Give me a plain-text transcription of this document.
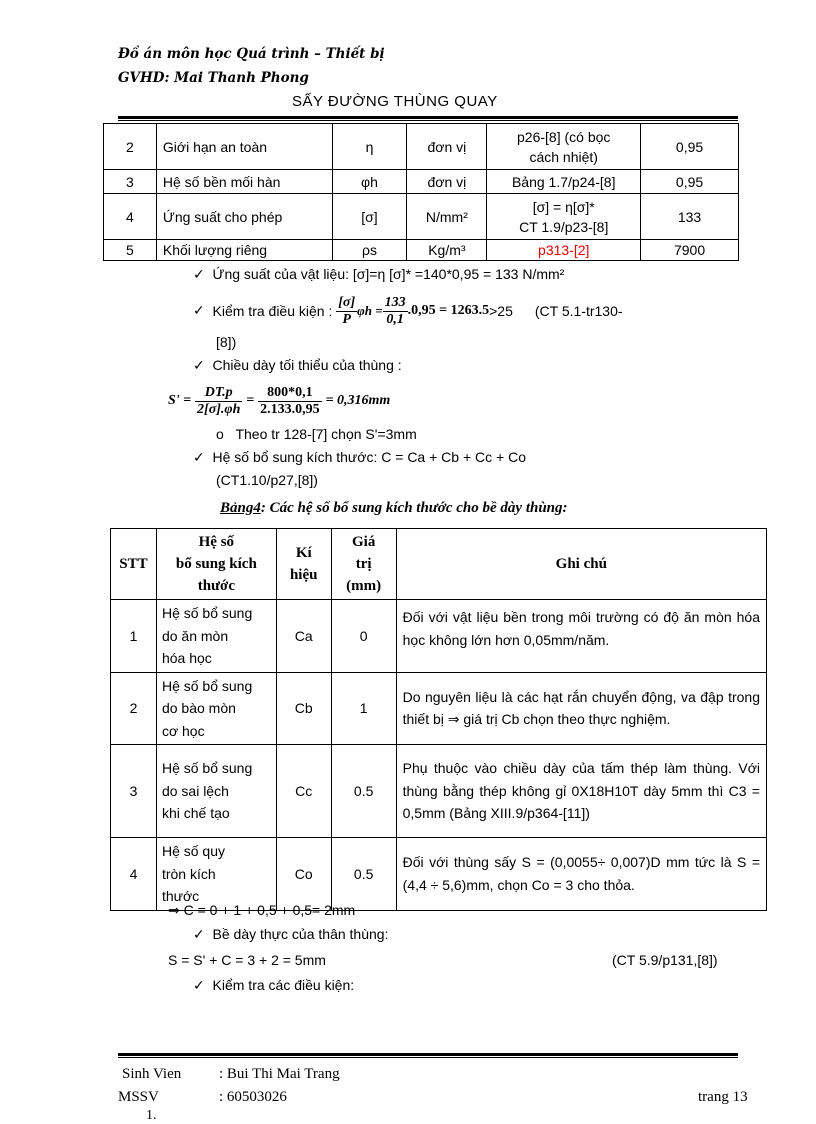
Đồ án môn học Quá trình – Thiết bị
GVHD: Mai Thanh Phong
SẤY ĐƯỜNG THÙNG QUAY
2	Giới hạn an toàn	η	đơn vị	p26-[8] (có bọc
cách nhiệt)	0,95
3	Hệ số bền mối hàn	φh	đơn vị	Bảng 1.7/p24-[8]	0,95
4	Ứng suất cho phép	[σ]	N/mm²	[σ] = η[σ]*
CT 1.9/p23-[8]	133
5	Khối lượng riêng	ρs	Kg/m³	p313-[2]	7900
✓ Ứng suất của vật liệu: [σ]=η [σ]* =140*0,95 = 133 N/mm²
✓
Kiểm tra điều kiện :
$\frac{[\sigma]}{P}$ $\varphi h = \frac{133}{0,1} .0,95 = 1263.5 >25$ (CT 5.1-tr130-
[8])
✓ Chiều dày tối thiểu của thùng :
S' =
$\frac{DT.p}{2[\sigma].\varphi h}$
=
$\frac{800*0,1}{2.133.0,95}$
= 0,316mm
o Theo tr 128-[7] chọn S'=3mm
✓ Hệ số bổ sung kích thước: C = Ca + Cb + Cc + Co
(CT1.10/p27,[8])
Bảng4: Các hệ số bổ sung kích thước cho bề dày thùng:
STT	Hệ số
bổ sung kích
thước	Kí
hiệu	Giá
trị
(mm)	Ghi chú
1	Hệ số bổ sung
do ăn mòn
hóa học	Ca	0	Đối với vật liệu bền trong môi trường có độ ăn mòn hóa học không lớn hơn 0,05mm/năm.
2	Hệ số bổ sung
do bào mòn
cơ học	Cb	1	Do nguyên liệu là các hạt rắn chuyển động, va đập trong thiết bị ⇒ giá trị Cb chọn theo thực nghiệm.
3	Hệ số bổ sung
do sai lệch
khi chế tạo	Cc	0.5	Phụ thuộc vào chiều dày của tấm thép làm thùng. Với thùng bằng thép không gỉ 0X18H10T dày 5mm thì C3 = 0,5mm (Bảng XIII.9/p364-[11])
4	Hệ số quy
tròn kích
thước	Co	0.5	Đối với thùng sấy S = (0,0055÷ 0,007)D mm tức là S = (4,4 ÷ 5,6)mm, chọn Co = 3 cho thỏa.
⇒ C = 0 + 1 + 0,5 + 0,5= 2mm
✓ Bề dày thực của thân thùng:
S = S' + C = 3 + 2 = 5mm	(CT 5.9/p131,[8])
✓ Kiểm tra các điều kiện:
Sinh Vien	: Bui Thi Mai Trang
MSSV	: 60503026	trang 13
1.
